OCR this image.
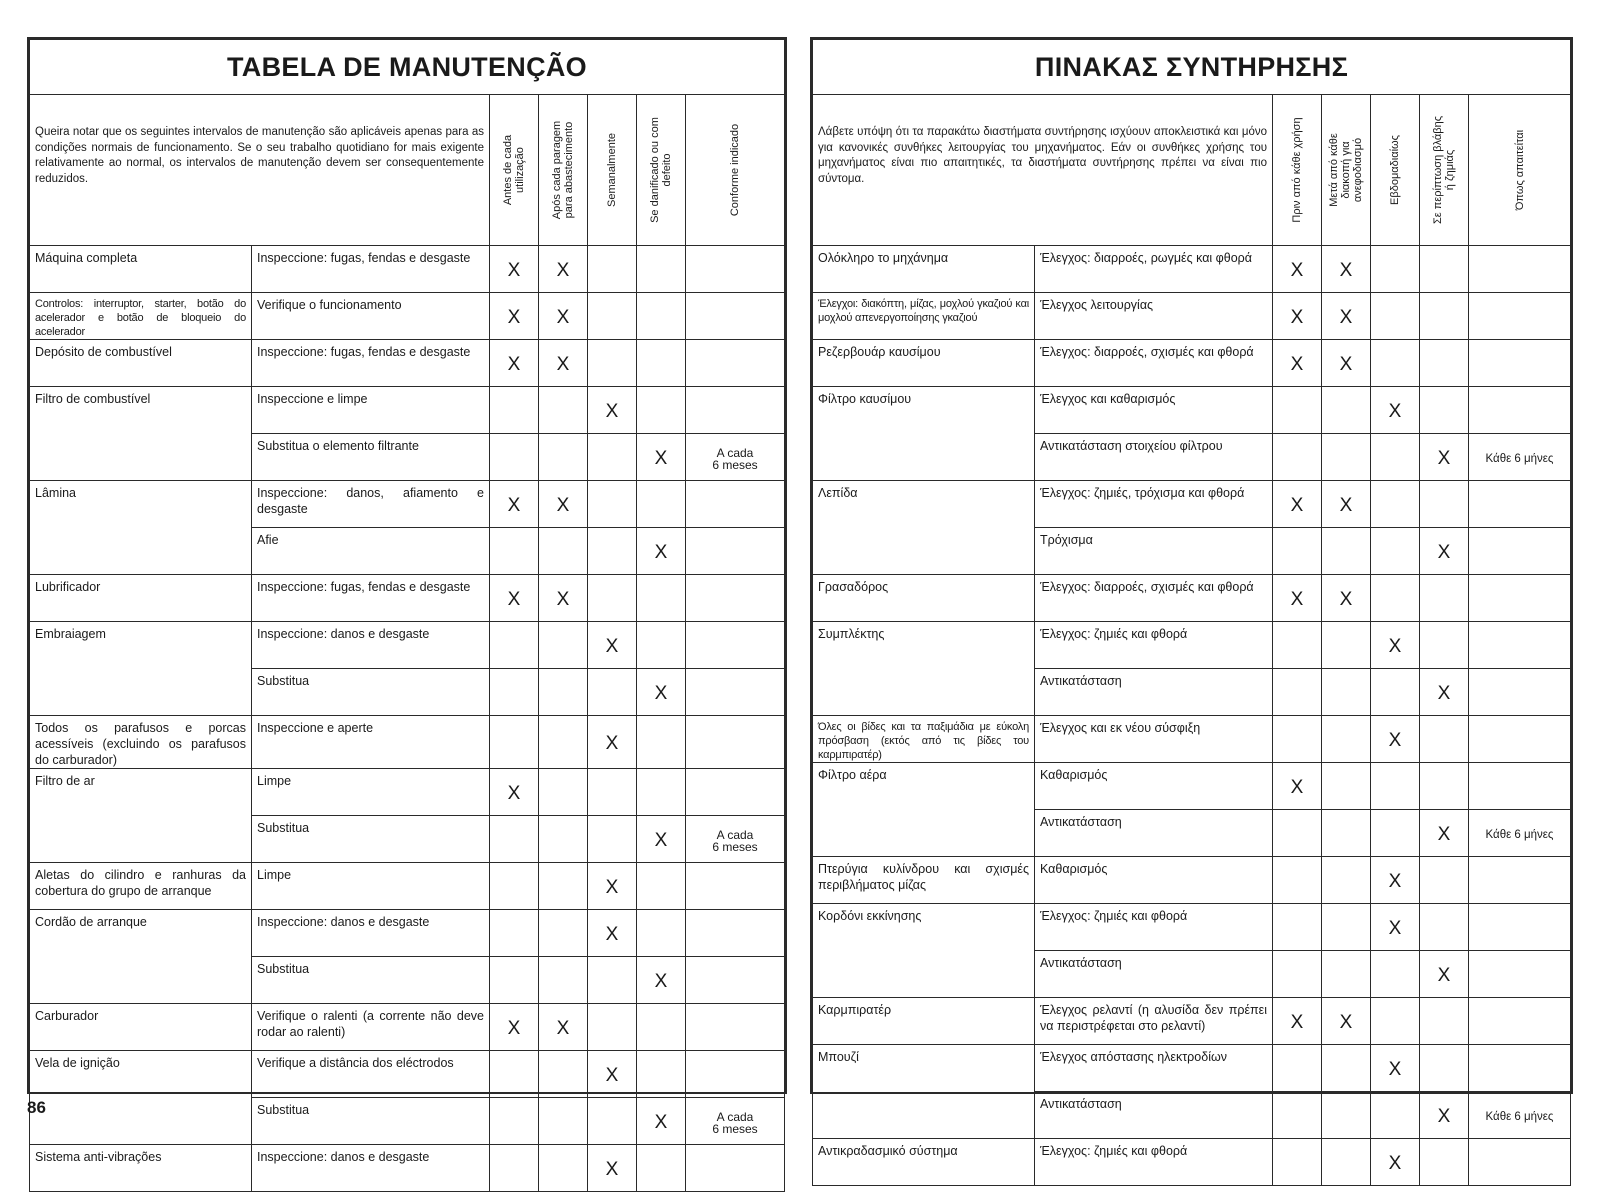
TABELA DE MANUTENÇÃO						
Queira notar que os seguintes intervalos de manutenção são aplicáveis apenas para as condições normais de funcionamento. Se o seu trabalho quotidiano for mais exigente relativamente ao normal, os intervalos de manutenção devem ser consequentemente reduzidos.		Antes de cada utilização	Após cada paragem para abastecimento	Semanalmente	Se danificado ou com defeito	Conforme indicado

Máquina completa	Inspeccione: fugas, fendas e desgaste	X	X			
Controlos: interruptor, starter, botão do acelerador e botão de bloqueio do acelerador	Verifique o funcionamento	X	X			
Depósito de combustível	Inspeccione: fugas, fendas e desgaste	X	X			
Filtro de combustível	Inspeccione e limpe			X		
	Substitua o elemento filtrante				X	A cada
6 meses
Lâmina	Inspeccione: danos, afiamento e desgaste	X	X			
	Afie				X	
Lubrificador	Inspeccione: fugas, fendas e desgaste	X	X			
Embraiagem	Inspeccione: danos e desgaste			X		
	Substitua				X	
Todos os parafusos e porcas acessíveis (excluindo os parafusos do carburador)	Inspeccione e aperte			X		
Filtro de ar	Limpe	X				
	Substitua				X	A cada
6 meses
Aletas do cilindro e ranhuras da cobertura do grupo de arranque	Limpe			X		
Cordão de arranque	Inspeccione: danos e desgaste			X		
	Substitua				X	
Carburador	Verifique o ralenti (a corrente não deve rodar ao ralenti)	X	X			
Vela de ignição	Verifique a distância dos eléctrodos			X		
	Substitua				X	A cada
6 meses
Sistema anti-vibrações	Inspeccione: danos e desgaste			X		
ΠΙΝΑΚΑΣ ΣΥΝΤΗΡΗΣΗΣ						
Λάβετε υπόψη ότι τα παρακάτω διαστήματα συντήρησης ισχύουν αποκλειστικά και μόνο για κανονικές συνθήκες λειτουργίας του μηχανήματος. Εάν οι συνθήκες χρήσης του μηχανήματος είναι πιο απαιτητικές, τα διαστήματα συντήρησης πρέπει να είναι πιο σύντομα.		Πριν από κάθε χρήση	Μετά από κάθε διακοπή για ανεφοδιασμό	Εβδομαδιαίως	Σε περίπτωση βλάβης ή ζημιάς	Όπως απαιτείται

Ολόκληρο το μηχάνημα	Έλεγχος: διαρροές, ρωγμές και φθορά	X	X			
Έλεγχοι: διακόπτη, μίζας, μοχλού γκαζιού και μοχλού απενεργοποίησης γκαζιού	Έλεγχος λειτουργίας	X	X			
Ρεζερβουάρ καυσίμου	Έλεγχος: διαρροές, σχισμές και φθορά	X	X			
Φίλτρο καυσίμου	Έλεγχος και καθαρισμός			X		
	Αντικατάσταση στοιχείου φίλτρου				X	Κάθε 6 μήνες
Λεπίδα	Έλεγχος: ζημιές, τρόχισμα και φθορά	X	X			
	Τρόχισμα				X	
Γρασαδόρος	Έλεγχος: διαρροές, σχισμές και φθορά	X	X			
Συμπλέκτης	Έλεγχος: ζημιές και φθορά			X		
	Αντικατάσταση				X	
Όλες οι βίδες και τα παξιμάδια με εύκολη πρόσβαση (εκτός από τις βίδες του καρμπιρατέρ)	Έλεγχος και εκ νέου σύσφιξη			X		
Φίλτρο αέρα	Καθαρισμός	X				
	Αντικατάσταση				X	Κάθε 6 μήνες
Πτερύγια κυλίνδρου και σχισμές περιβλήματος μίζας	Καθαρισμός			X		
Κορδόνι εκκίνησης	Έλεγχος: ζημιές και φθορά			X		
	Αντικατάσταση				X	
Καρμπιρατέρ	Έλεγχος ρελαντί (η αλυσίδα δεν πρέπει να περιστρέφεται στο ρελαντί)	X	X			
Μπουζί	Έλεγχος απόστασης ηλεκτροδίων			X		
	Αντικατάσταση				X	Κάθε 6 μήνες
Αντικραδασμικό σύστημα	Έλεγχος: ζημιές και φθορά			X		
86
